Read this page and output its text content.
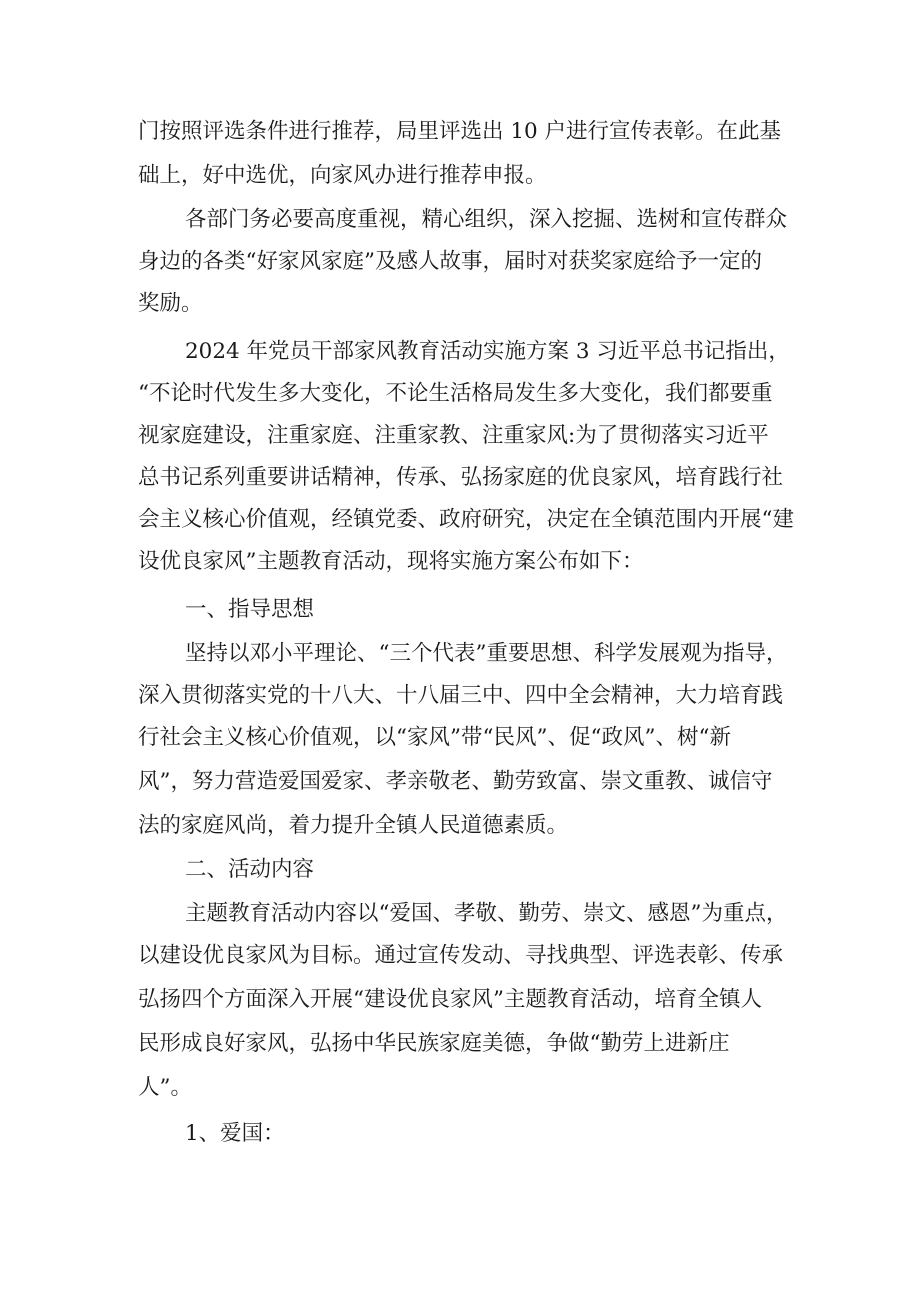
门按照评选条件进行推荐，局里评选出 10 户进行宣传表彰。在此基
础上，好中选优，向家风办进行推荐申报。
各部门务必要高度重视，精心组织，深入挖掘、选树和宣传群众
身边的各类“好家风家庭”及感人故事，届时对获奖家庭给予一定的
奖励。
2024 年党员干部家风教育活动实施方案 3 习近平总书记指出，
“不论时代发生多大变化，不论生活格局发生多大变化，我们都要重
视家庭建设，注重家庭、注重家教、注重家风:为了贯彻落实习近平
总书记系列重要讲话精神，传承、弘扬家庭的优良家风，培育践行社
会主义核心价值观，经镇党委、政府研究，决定在全镇范围内开展“建
设优良家风”主题教育活动，现将实施方案公布如下：
一、指导思想
坚持以邓小平理论、“三个代表”重要思想、科学发展观为指导，
深入贯彻落实党的十八大、十八届三中、四中全会精神，大力培育践
行社会主义核心价值观，以“家风”带“民风”、促“政风”、树“新
风”，努力营造爱国爱家、孝亲敬老、勤劳致富、崇文重教、诚信守
法的家庭风尚，着力提升全镇人民道德素质。
二、活动内容
主题教育活动内容以“爱国、孝敬、勤劳、崇文、感恩”为重点，
以建设优良家风为目标。通过宣传发动、寻找典型、评选表彰、传承
弘扬四个方面深入开展“建设优良家风”主题教育活动，培育全镇人
民形成良好家风，弘扬中华民族家庭美德，争做“勤劳上进新庄
人”。
1、爱国：
